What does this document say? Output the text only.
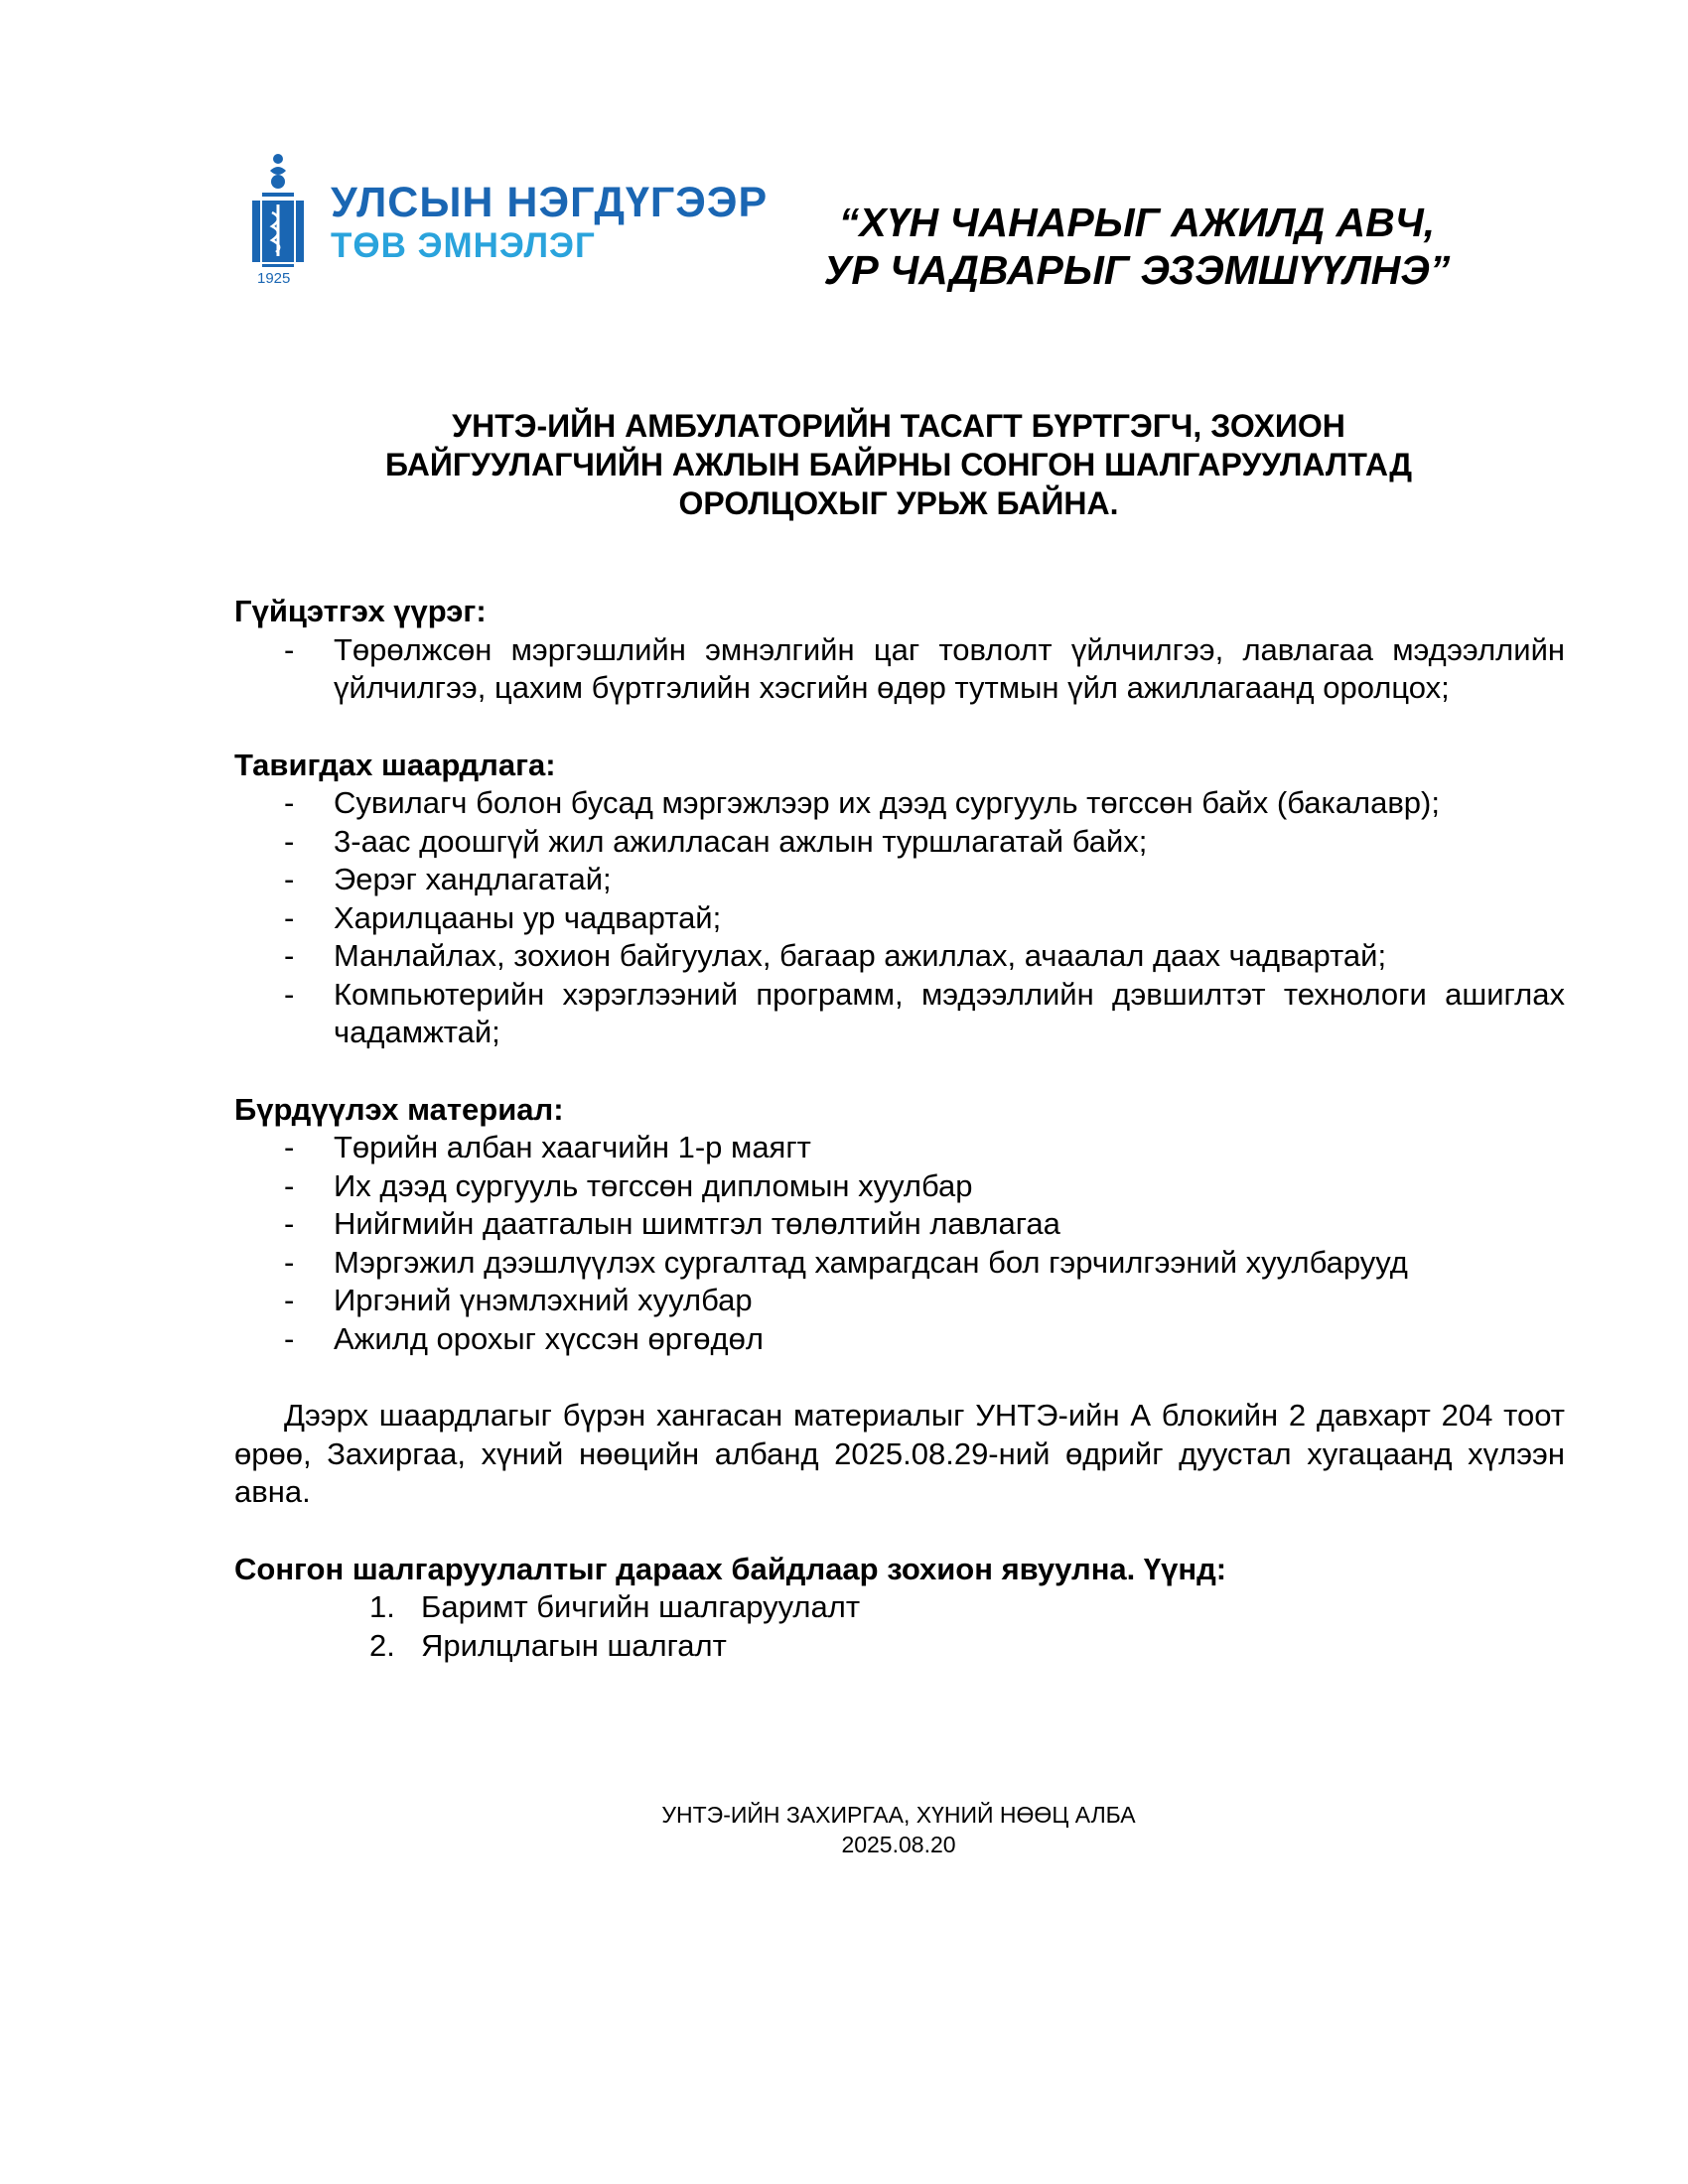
УЛСЫН НЭГДҮГЭЭР
ТӨВ ЭМНЭЛЭГ
1925
“ХҮН ЧАНАРЫГ АЖИЛД АВЧ,
УР ЧАДВАРЫГ ЭЗЭМШҮҮЛНЭ”
УНТЭ-ИЙН АМБУЛАТОРИЙН ТАСАГТ БҮРТГЭГЧ, ЗОХИОН
БАЙГУУЛАГЧИЙН АЖЛЫН БАЙРНЫ СОНГОН ШАЛГАРУУЛАЛТАД
ОРОЛЦОХЫГ УРЬЖ БАЙНА.

Гүйцэтгэх үүрэг:

- Төрөлжсөн мэргэшлийн эмнэлгийн цаг товлолт үйлчилгээ, лавлагаа мэдээллийн үйлчилгээ, цахим бүртгэлийн хэсгийн өдөр тутмын үйл ажиллагаанд оролцох;

Тавигдах шаардлага:

- Сувилагч болон бусад мэргэжлээр их дээд сургууль төгссөн байх (бакалавр);
- 3-аас доошгүй жил ажилласан ажлын туршлагатай байх;
- Эерэг хандлагатай;
- Харилцааны ур чадвартай;
- Манлайлах, зохион байгуулах, багаар ажиллах, ачаалал даах чадвартай;
- Компьютерийн хэрэглээний программ, мэдээллийн дэвшилтэт технологи ашиглах чадамжтай;

Бүрдүүлэх материал:

- Төрийн албан хаагчийн 1-р маягт
- Их дээд сургууль төгссөн дипломын хуулбар
- Нийгмийн даатгалын шимтгэл төлөлтийн лавлагаа
- Мэргэжил дээшлүүлэх сургалтад хамрагдсан бол гэрчилгээний хуулбарууд
- Иргэний үнэмлэхний хуулбар
- Ажилд орохыг хүссэн өргөдөл

Дээрх шаардлагыг бүрэн хангасан материалыг УНТЭ-ийн А блокийн 2 давхарт 204 тоот өрөө, Захиргаа, хүний нөөцийн албанд 2025.08.29-ний өдрийг дуустал хугацаанд хүлээн авна.

Сонгон шалгаруулалтыг дараах байдлаар зохион явуулна. Үүнд:

1. Баримт бичгийн шалгаруулалт
2. Ярилцлагын шалгалт
УНТЭ-ИЙН ЗАХИРГАА, ХҮНИЙ НӨӨЦ АЛБА
2025.08.20
